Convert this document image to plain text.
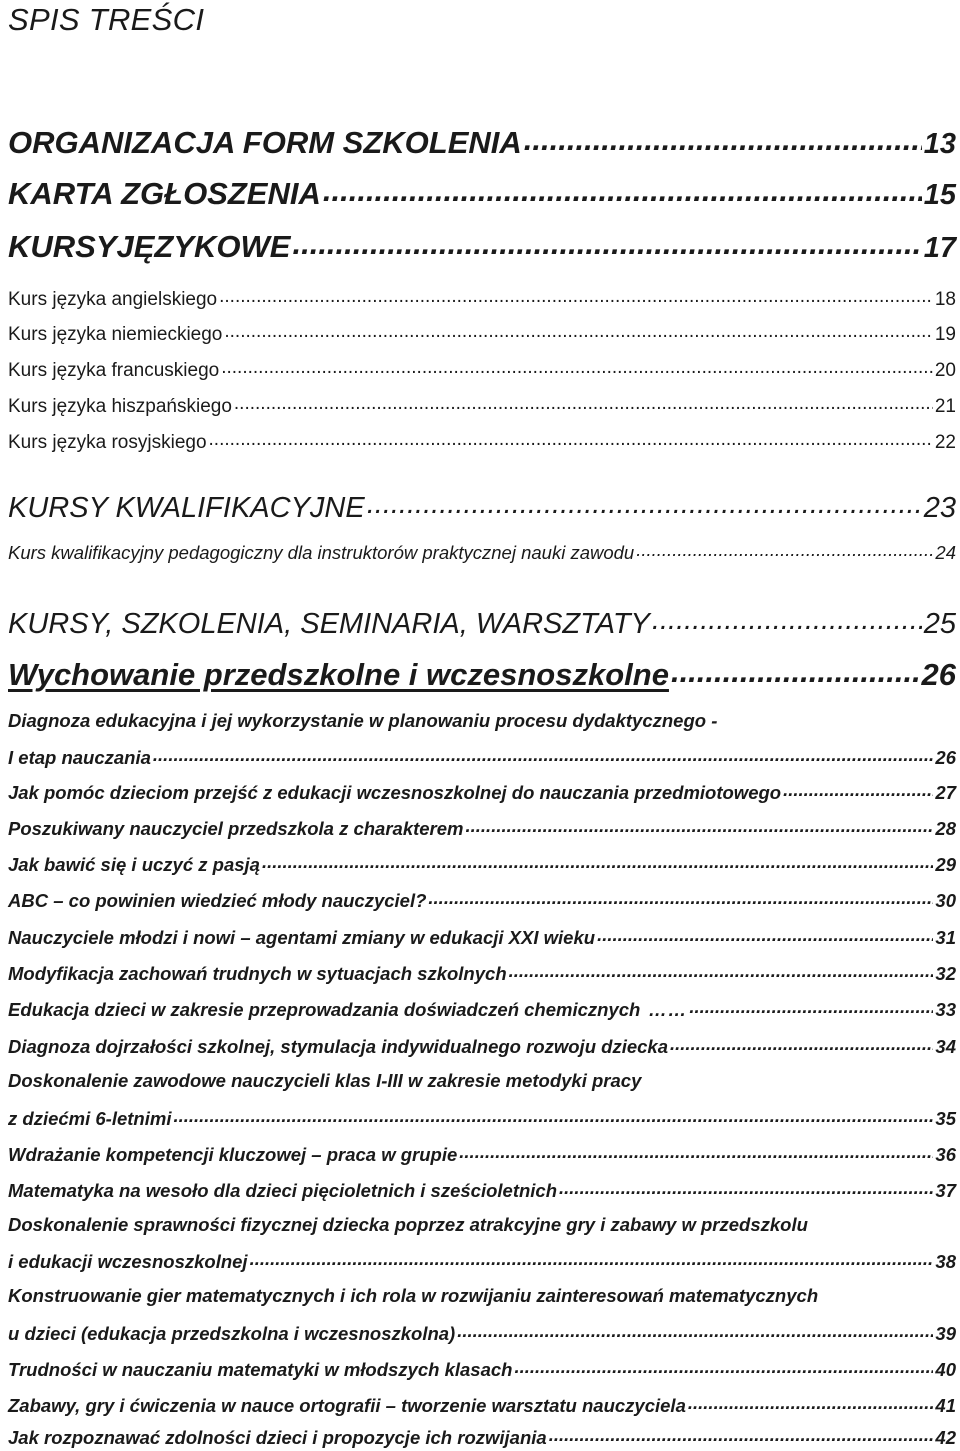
SPIS TREŚCI
ORGANIZACJA FORM SZKOLENIA .....	13
KARTA ZGŁOSZENIA .....	15
KURSYJĘZYKOWE .....	17
Kurs języka angielskiego .....	18
Kurs języka niemieckiego .....	19
Kurs języka francuskiego .....	20
Kurs języka hiszpańskiego .....	21
Kurs języka rosyjskiego .....	22
KURSY KWALIFIKACYJNE .....	23
Kurs kwalifikacyjny pedagogiczny dla instruktorów praktycznej nauki zawodu .....	24
KURSY, SZKOLENIA, SEMINARIA, WARSZTATY .....	25
Wychowanie przedszkolne i wczesnoszkolne .....	26
Diagnoza edukacyjna i jej wykorzystanie w planowaniu procesu dydaktycznego -
I etap nauczania .....	26
Jak pomóc dzieciom przejść z edukacji wczesnoszkolnej do nauczania przedmiotowego .....	27
Poszukiwany nauczyciel przedszkola z charakterem .....	28
Jak bawić się i uczyć z pasją .....	29
ABC – co powinien wiedzieć młody nauczyciel? .....	30
Nauczyciele młodzi i nowi – agentami zmiany w edukacji XXI wieku .....	31
Modyfikacja zachowań trudnych w sytuacjach szkolnych .....	32
Edukacja dzieci w zakresie przeprowadzania doświadczeń chemicznych …… .....	33
Diagnoza dojrzałości szkolnej, stymulacja indywidualnego rozwoju dziecka .....	34
Doskonalenie zawodowe nauczycieli klas I-III w zakresie metodyki pracy
z dziećmi 6-letnimi .....	35
Wdrażanie kompetencji kluczowej – praca w grupie .....	36
Matematyka na wesoło dla dzieci pięcioletnich i sześcioletnich .....	37
Doskonalenie sprawności fizycznej dziecka poprzez atrakcyjne gry i zabawy w przedszkolu
i edukacji wczesnoszkolnej .....	38
Konstruowanie gier matematycznych i ich rola w rozwijaniu zainteresowań matematycznych
u dzieci (edukacja przedszkolna i wczesnoszkolna) .....	39
Trudności w nauczaniu matematyki w młodszych klasach .....	40
Zabawy, gry i ćwiczenia w nauce ortografii – tworzenie warsztatu nauczyciela .....	41
Jak rozpoznawać zdolności dzieci i propozycje ich rozwijania .....	42
